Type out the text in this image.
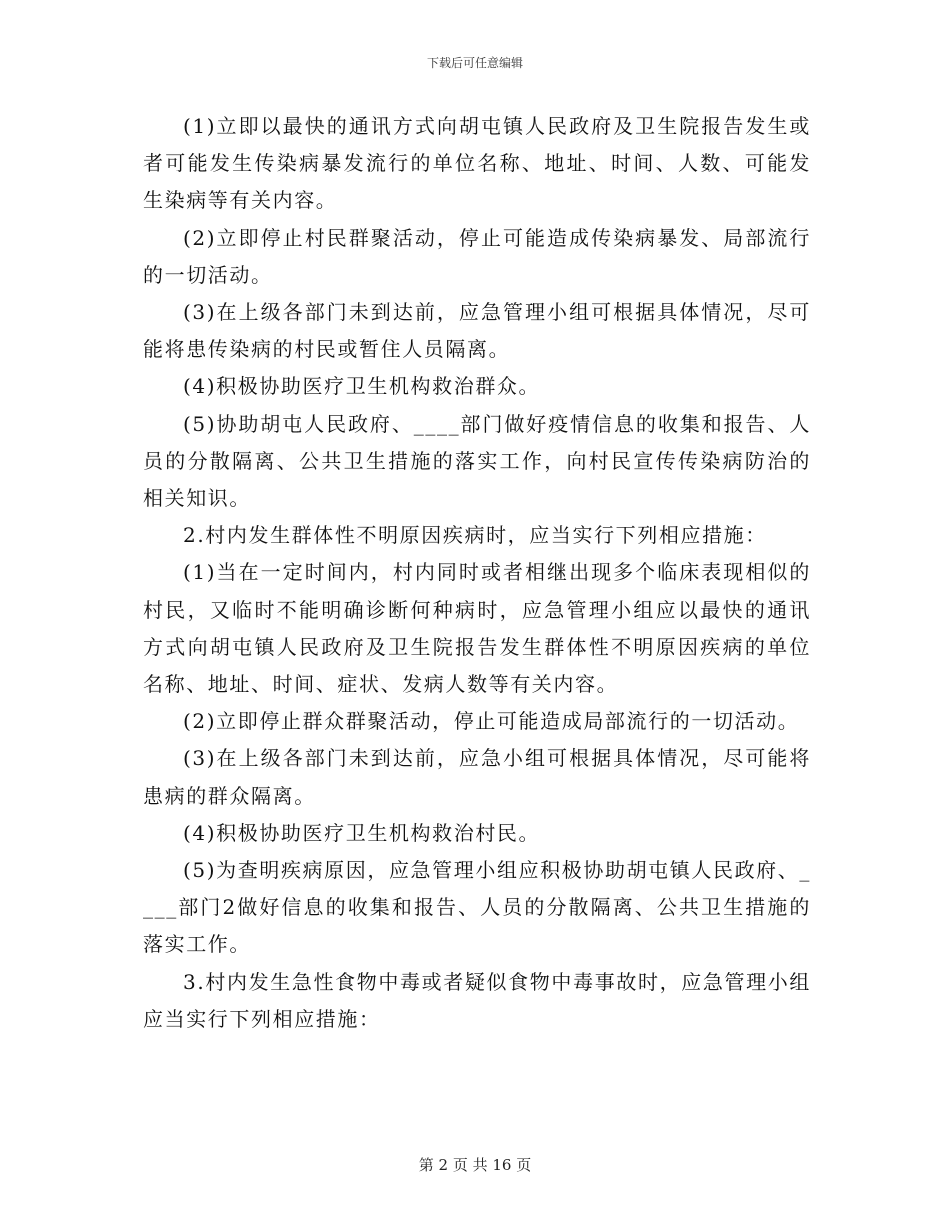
下载后可任意编辑

(1)立即以最快的通讯方式向胡屯镇人民政府及卫生院报告发生或者可能发生传染病暴发流行的单位名称、地址、时间、人数、可能发生染病等有关内容。

(2)立即停止村民群聚活动，停止可能造成传染病暴发、局部流行的一切活动。

(3)在上级各部门未到达前，应急管理小组可根据具体情况，尽可能将患传染病的村民或暂住人员隔离。

(4)积极协助医疗卫生机构救治群众。

(5)协助胡屯人民政府、____部门做好疫情信息的收集和报告、人员的分散隔离、公共卫生措施的落实工作，向村民宣传传染病防治的相关知识。

2.村内发生群体性不明原因疾病时，应当实行下列相应措施：

(1)当在一定时间内，村内同时或者相继出现多个临床表现相似的村民，又临时不能明确诊断何种病时，应急管理小组应以最快的通讯方式向胡屯镇人民政府及卫生院报告发生群体性不明原因疾病的单位名称、地址、时间、症状、发病人数等有关内容。

(2)立即停止群众群聚活动，停止可能造成局部流行的一切活动。

(3)在上级各部门未到达前，应急小组可根据具体情况，尽可能将患病的群众隔离。

(4)积极协助医疗卫生机构救治村民。

(5)为查明疾病原因，应急管理小组应积极协助胡屯镇人民政府、____部门2做好信息的收集和报告、人员的分散隔离、公共卫生措施的落实工作。

3.村内发生急性食物中毒或者疑似食物中毒事故时，应急管理小组应当实行下列相应措施：

第 2 页 共 16 页
